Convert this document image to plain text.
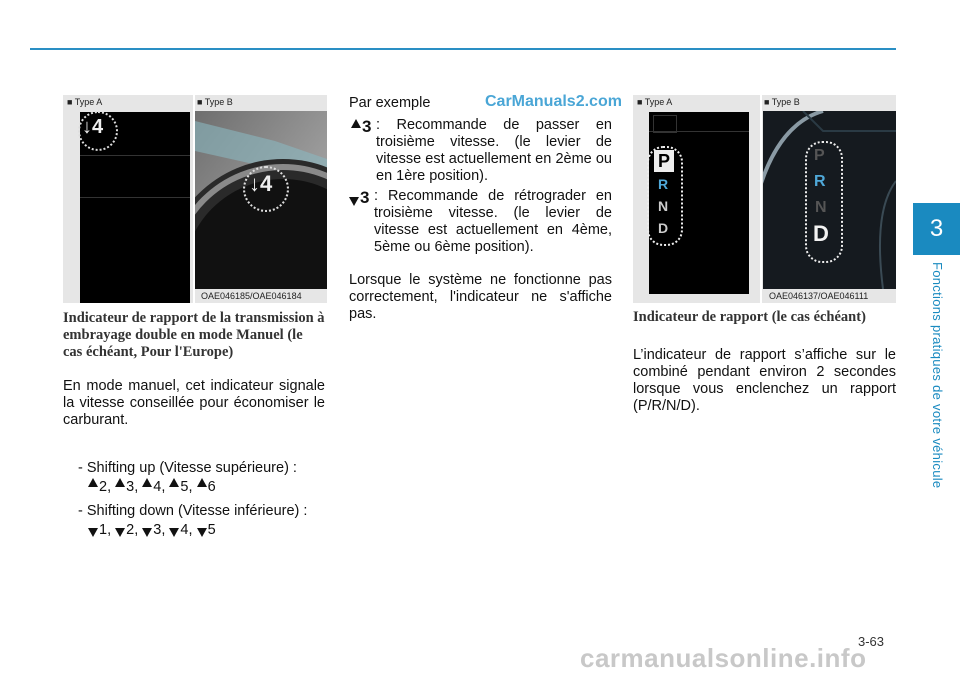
3
Fonctions pratiques de votre véhicule
■ Type A
↓4
■ Type B
↓4
OAE046185/OAE046184
Indicateur de rapport de la transmission à embrayage double en mode Manuel (le cas échéant, Pour l'Europe)
En mode manuel, cet indicateur signale la vitesse conseillée pour économiser le carburant.
- Shifting up (Vitesse supérieure) :
2, 3, 4, 5, 6
- Shifting down (Vitesse inférieure) :
1, 2, 3, 4, 5
Par exemple	CarManuals2.com
3 : Recommande de passer en troisième vitesse. (le levier de vitesse est actuellement en 2ème ou en 1ère position).
3 : Recommande de rétrograder en troisième vitesse. (le levier de vitesse est actuellement en 4ème, 5ème ou 6ème position).
Lorsque le système ne fonctionne pas correctement, l'indicateur ne s'affiche pas.
■ Type A
P
R
N
D
■ Type B
P
R
N
D
OAE046137/OAE046111
Indicateur de rapport (le cas échéant)
L’indicateur de rapport s’affiche sur le combiné pendant environ 2 secondes lorsque vous enclenchez un rapport (P/R/N/D).
3-63
carmanualsonline.info
